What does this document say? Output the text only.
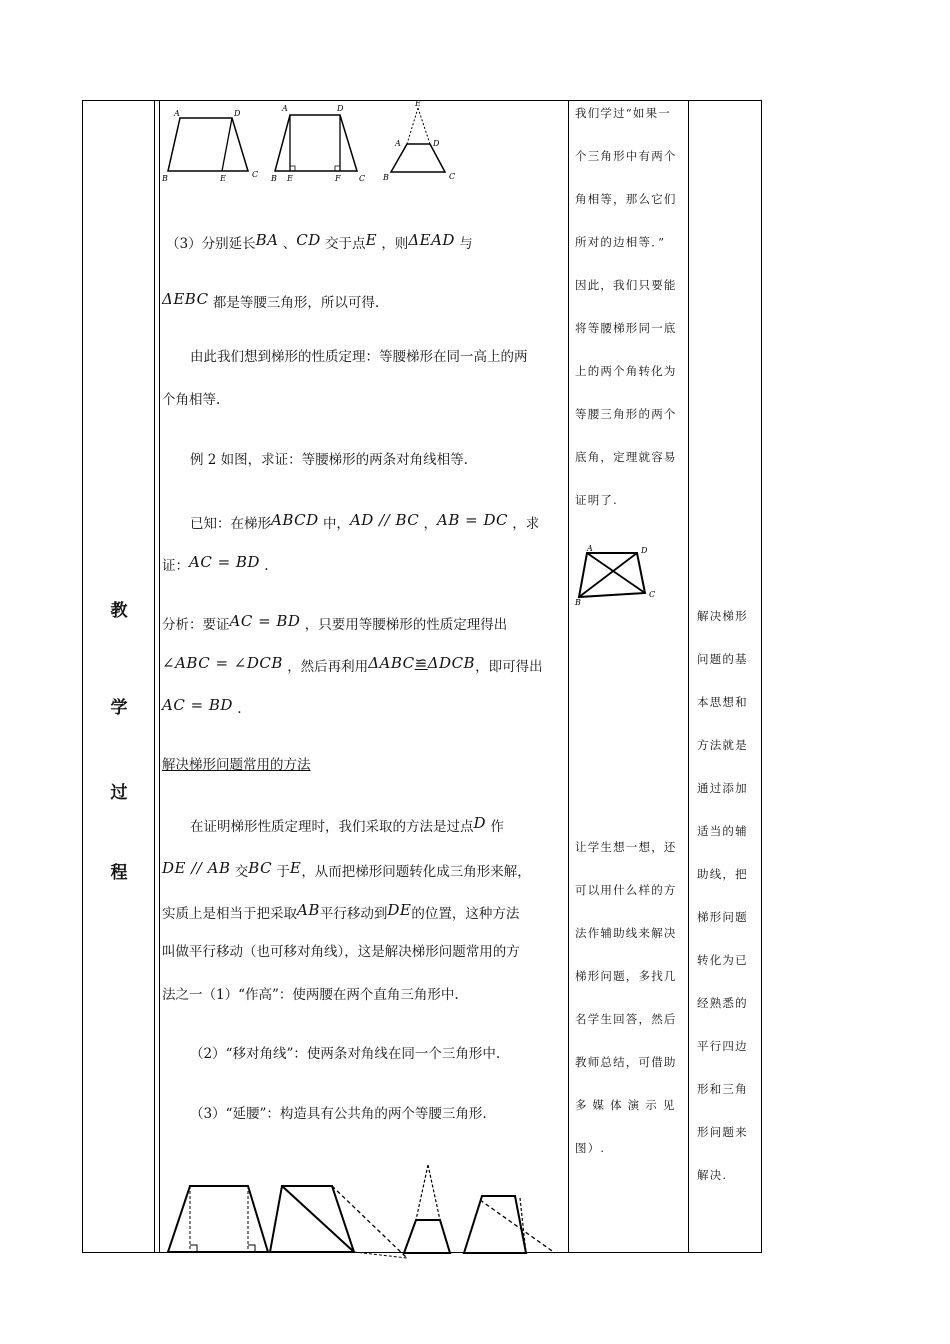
教
学
过
程
A	D
B	E	C
A	D
B E	F C
E
A	D
B	C
（3）分别延长BA 、CD 交于点E ，则ΔEAD 与
ΔEBC 都是等腰三角形，所以可得.
由此我们想到梯形的性质定理：等腰梯形在同一高上的两
个角相等.
例 2 如图，求证：等腰梯形的两条对角线相等.
已知：在梯形ABCD 中，AD // BC ，AB = DC ，求
证：AC = BD .
分析：要证AC = BD ，只要用等腰梯形的性质定理得出
∠ABC = ∠DCB ，然后再利用ΔABC≌ΔDCB，即可得出
AC = BD .
解决梯形问题常用的方法
在证明梯形性质定理时，我们采取的方法是过点D 作
DE // AB 交BC 于E，从而把梯形问题转化成三角形来解，
实质上是相当于把采取AB平行移动到DE的位置，这种方法
叫做平行移动（也可移对角线），这是解决梯形问题常用的方
法之一（1）“作高”：使两腰在两个直角三角形中.
（2）“移对角线”：使两条对角线在同一个三角形中.
（3）“延腰”：构造具有公共角的两个等腰三角形.
我们学过“如果一
个三角形中有两个
角相等，那么它们
所对的边相等．”
因此，我们只要能
将等腰梯形同一底
上的两个角转化为
等腰三角形的两个
底角，定理就容易
证明了.
A	D
B
C
让学生想一想，还
可以用什么样的方
法作辅助线来解决
梯形问题，多找几
名学生回答，然后
教师总结，可借助
多 媒 体 演 示 见
图）.
解决梯形
问题的基
本思想和
方法就是
通过添加
适当的辅
助线，把
梯形问题
转化为已
经熟悉的
平行四边
形和三角
形问题来
解决.
